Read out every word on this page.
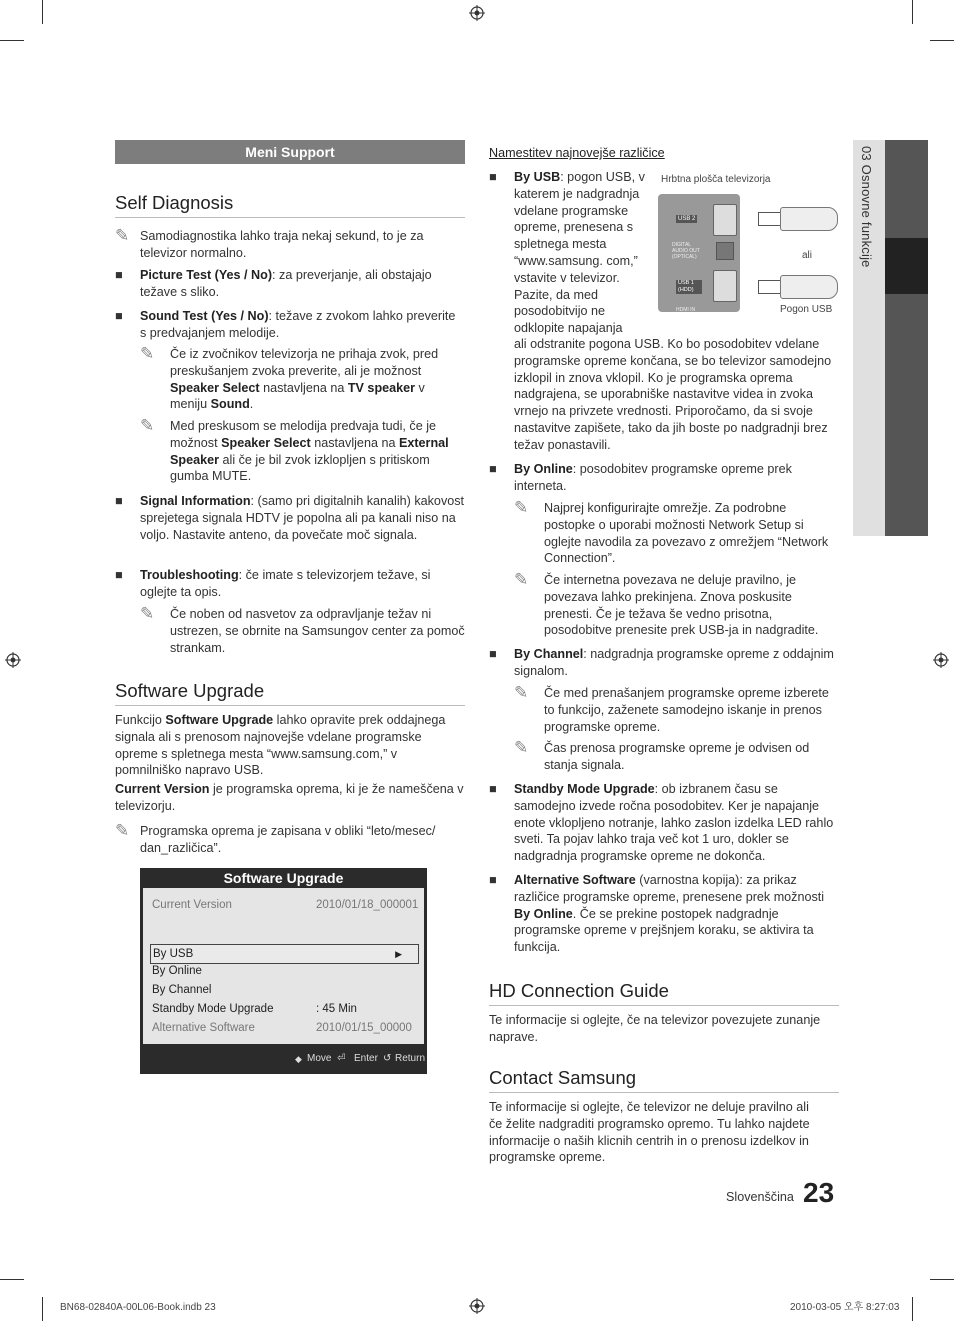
03 Osnovne funkcije
Meni Support
Self Diagnosis
✎ Samodiagnostika lahko traja nekaj sekund, to je za televizor normalno.
■ Picture Test (Yes / No): za preverjanje, ali obstajajo težave s sliko.
■ Sound Test (Yes / No): težave z zvokom lahko preverite s predvajanjem melodije.
✎ Če iz zvočnikov televizorja ne prihaja zvok, pred preskušanjem zvoka preverite, ali je možnost Speaker Select nastavljena na TV speaker v meniju Sound.
✎ Med preskusom se melodija predvaja tudi, če je možnost Speaker Select nastavljena na External Speaker ali če je bil zvok izklopljen s pritiskom gumba MUTE.
■ Signal Information: (samo pri digitalnih kanalih) kakovost sprejetega signala HDTV je popolna ali pa kanali niso na voljo. Nastavite anteno, da povečate moč signala.
■ Troubleshooting: če imate s televizorjem težave, si oglejte ta opis.
✎ Če noben od nasvetov za odpravljanje težav ni ustrezen, se obrnite na Samsungov center za pomoč strankam.
Software Upgrade
Funkcijo Software Upgrade lahko opravite prek oddajnega signala ali s prenosom najnovejše vdelane programske opreme s spletnega mesta “www.samsung.com,” v pomnilniško napravo USB.
Current Version je programska oprema, ki je že nameščena v televizorju.
✎ Programska oprema je zapisana v obliki “leto/mesec/ dan_različica”.
Software Upgrade
Current Version	2010/01/18_000001
By USB	▶
By Online
By Channel
Standby Mode Upgrade	: 45 Min
Alternative Software	2010/01/15_00000
◆ Move ⏎ Enter ↺ Return
Namestitev najnovejše različice
Hrbtna plošča televizorja
USB 2
DIGITAL AUDIO OUT (OPTICAL)
USB 1 (HDD)
HDMI IN
ali
Pogon USB
■ By USB: pogon USB, v katerem je nadgradnja vdelane programske opreme, prenesena s spletnega mesta “www.samsung. com,” vstavite v televizor. Pazite, da med posodobitvijo ne odklopite napajanja
ali odstranite pogona USB. Ko bo posodobitev vdelane programske opreme končana, se bo televizor samodejno izklopil in znova vklopil. Ko je programska oprema nadgrajena, se uporabniške nastavitve videa in zvoka vrnejo na privzete vrednosti. Priporočamo, da si svoje nastavitve zapišete, tako da jih boste po nadgradnji brez težav ponastavili.
■ By Online: posodobitev programske opreme prek interneta.
✎ Najprej konfigurirajte omrežje. Za podrobne postopke o uporabi možnosti Network Setup si oglejte navodila za povezavo z omrežjem “Network Connection”.
✎ Če internetna povezava ne deluje pravilno, je povezava lahko prekinjena. Znova poskusite prenesti. Če je težava še vedno prisotna, posodobitve prenesite prek USB-ja in nadgradite.
■ By Channel: nadgradnja programske opreme z oddajnim signalom.
✎ Če med prenašanjem programske opreme izberete to funkcijo, zaženete samodejno iskanje in prenos programske opreme.
✎ Čas prenosa programske opreme je odvisen od stanja signala.
■ Standby Mode Upgrade: ob izbranem času se samodejno izvede ročna posodobitev. Ker je napajanje enote vklopljeno notranje, lahko zaslon izdelka LED rahlo sveti. Ta pojav lahko traja več kot 1 uro, dokler se nadgradnja programske opreme ne dokonča.
■ Alternative Software (varnostna kopija): za prikaz različice programske opreme, prenesene prek možnosti By Online. Če se prekine postopek nadgradnje programske opreme v prejšnjem koraku, se aktivira ta funkcija.
HD Connection Guide
Te informacije si oglejte, če na televizor povezujete zunanje naprave.
Contact Samsung
Te informacije si oglejte, če televizor ne deluje pravilno ali če želite nadgraditi programsko opremo. Tu lahko najdete informacije o naših klicnih centrih in o prenosu izdelkov in programske opreme.
Slovenščina 23
BN68-02840A-00L06-Book.indb 23	2010-03-05 오후 8:27:03
